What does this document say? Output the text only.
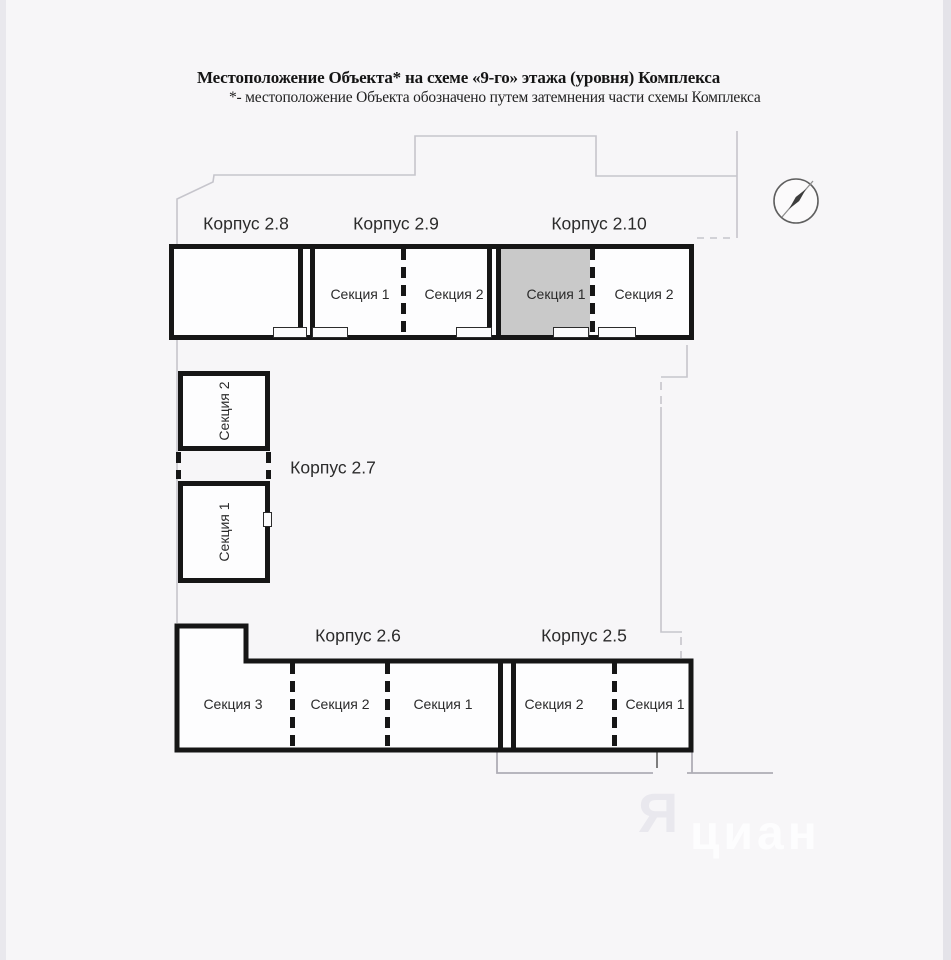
Местоположение Объекта* на схеме «9-го» этажа (уровня) Комплекса
*- местоположение Объекта обозначено путем затемнения части схемы Комплекса
Корпус 2.8	Корпус 2.9	Корпус 2.10
Секция 1 Секция 2	Секция 1 Секция 2
Корпус 2.7
Секция 2
Секция 1
Корпус 2.6	Корпус 2.5
Секция 3	Секция 2	Секция 1	Секция 2	Секция 1
Я циан
